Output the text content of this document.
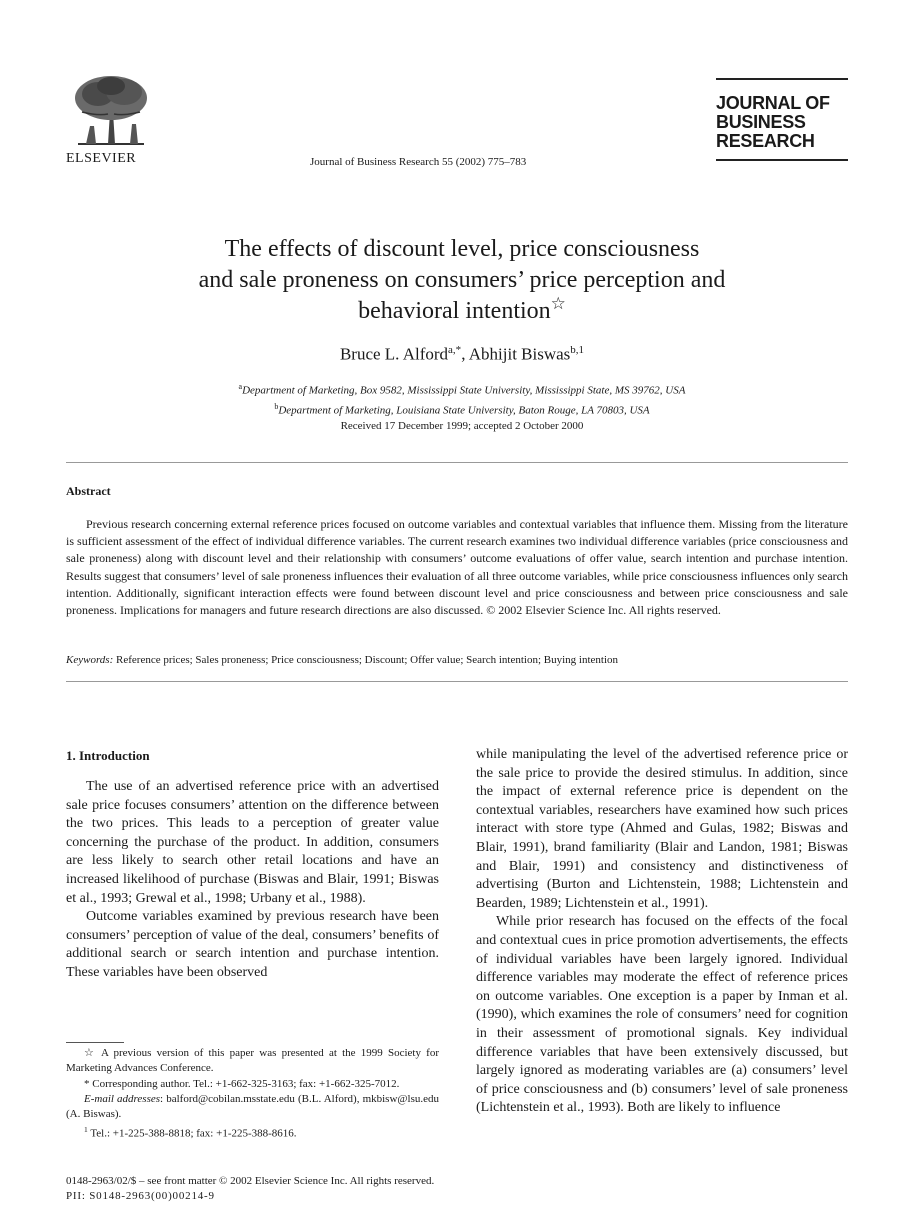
ELSEVIER	Journal of Business Research 55 (2002) 775–783
JOURNAL OF
BUSINESS
RESEARCH
The effects of discount level, price consciousness
and sale proneness on consumers’ price perception and
behavioral intention☆
Bruce L. Alford$^{a,*}$, Abhijit Biswas$^{b,1}$
$^a$Department of Marketing, Box 9582, Mississippi State University, Mississippi State, MS 39762, USA
$^b$Department of Marketing, Louisiana State University, Baton Rouge, LA 70803, USA
Received 17 December 1999; accepted 2 October 2000
Abstract

Previous research concerning external reference prices focused on outcome variables and contextual variables that influence them. Missing from the literature is sufficient assessment of the effect of individual difference variables. The current research examines two individual difference variables (price consciousness and sale proneness) along with discount level and their relationship with consumers’ outcome evaluations of offer value, search intention and purchase intention. Results suggest that consumers’ level of sale proneness influences their evaluation of all three outcome variables, while price consciousness influences only search intention. Additionally, significant interaction effects were found between discount level and price consciousness and between price consciousness and sale proneness. Implications for managers and future research directions are also discussed. © 2002 Elsevier Science Inc. All rights reserved.

Keywords: Reference prices; Sales proneness; Price consciousness; Discount; Offer value; Search intention; Buying intention

1. Introduction

The use of an advertised reference price with an advertised sale price focuses consumers’ attention on the difference between the two prices. This leads to a perception of greater value concerning the purchase of the product. In addition, consumers are less likely to search other retail locations and have an increased likelihood of purchase (Biswas and Blair, 1991; Biswas et al., 1993; Grewal et al., 1998; Urbany et al., 1988).

Outcome variables examined by previous research have been consumers’ perception of value of the deal, consumers’ benefits of additional search or search intention and purchase intention. These variables have been observed

while manipulating the level of the advertised reference price or the sale price to provide the desired stimulus. In addition, since the impact of external reference price is dependent on the contextual variables, researchers have examined how such prices interact with store type (Ahmed and Gulas, 1982; Biswas and Blair, 1991), brand familiarity (Blair and Landon, 1981; Biswas and Blair, 1991) and consistency and distinctiveness of advertising (Burton and Lichtenstein, 1988; Lichtenstein and Bearden, 1989; Lichtenstein et al., 1991).

While prior research has focused on the effects of the focal and contextual cues in price promotion advertisements, the effects of individual variables have been largely ignored. Individual difference variables may moderate the effect of reference prices on outcome variables. One exception is a paper by Inman et al. (1990), which examines the role of consumers’ need for cognition in their assessment of promotional signals. Key individual difference variables that have been extensively discussed, but largely ignored as moderating variables are (a) consumers’ level of price consciousness and (b) consumers’ level of sale proneness (Lichtenstein et al., 1993). Both are likely to influence

☆ A previous version of this paper was presented at the 1999 Society for Marketing Advances Conference.

* Corresponding author. Tel.: +1-662-325-3163; fax: +1-662-325-7012.

E-mail addresses: balford@cobilan.msstate.edu (B.L. Alford), mkbisw@lsu.edu (A. Biswas).

$^1$ Tel.: +1-225-388-8818; fax: +1-225-388-8616.

0148-2963/02/$ – see front matter © 2002 Elsevier Science Inc. All rights reserved.
PII: S0148-2963(00)00214-9
